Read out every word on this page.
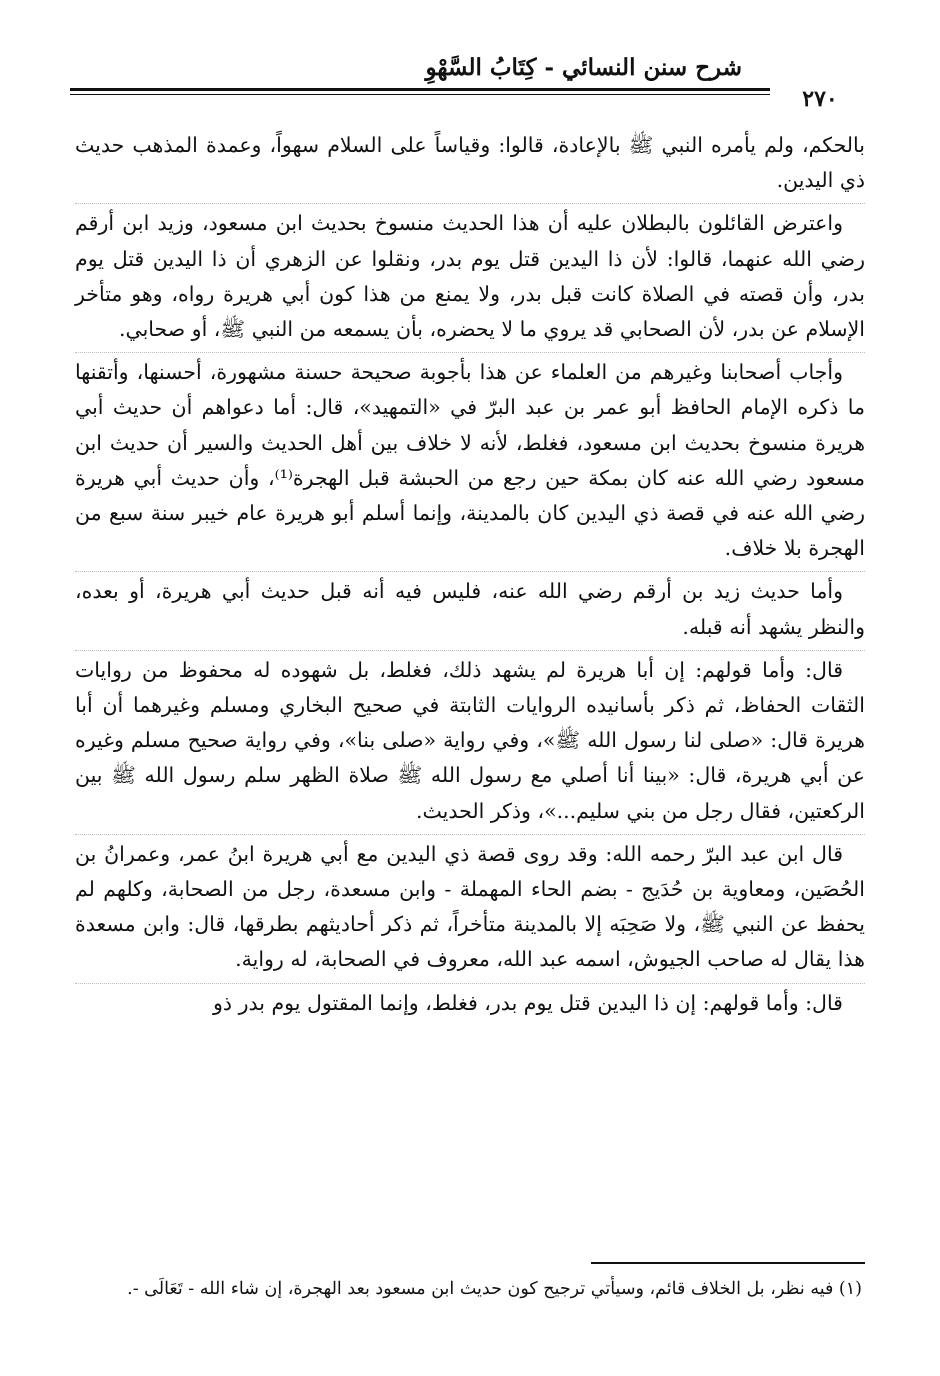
شرح سنن النسائي - كِتَابُ السَّهْوِ
٢٧٠

بالحكم، ولم يأمره النبي ﷺ بالإعادة، قالوا: وقياساً على السلام سهواً، وعمدة المذهب حديث ذي اليدين.

واعترض القائلون بالبطلان عليه أن هذا الحديث منسوخ بحديث ابن مسعود، وزيد ابن أرقم رضي الله عنهما، قالوا: لأن ذا اليدين قتل يوم بدر، ونقلوا عن الزهري أن ذا اليدين قتل يوم بدر، وأن قصته في الصلاة كانت قبل بدر، ولا يمنع من هذا كون أبي هريرة رواه، وهو متأخر الإسلام عن بدر، لأن الصحابي قد يروي ما لا يحضره، بأن يسمعه من النبي ﷺ، أو صحابي.

وأجاب أصحابنا وغيرهم من العلماء عن هذا بأجوبة صحيحة حسنة مشهورة، أحسنها، وأتقنها ما ذكره الإمام الحافظ أبو عمر بن عبد البرّ في «التمهيد»، قال: أما دعواهم أن حديث أبي هريرة منسوخ بحديث ابن مسعود، فغلط، لأنه لا خلاف بين أهل الحديث والسير أن حديث ابن مسعود رضي الله عنه كان بمكة حين رجع من الحبشة قبل الهجرة⁽¹⁾، وأن حديث أبي هريرة رضي الله عنه في قصة ذي اليدين كان بالمدينة، وإنما أسلم أبو هريرة عام خيبر سنة سبع من الهجرة بلا خلاف.

وأما حديث زيد بن أرقم رضي الله عنه، فليس فيه أنه قبل حديث أبي هريرة، أو بعده، والنظر يشهد أنه قبله.

قال: وأما قولهم: إن أبا هريرة لم يشهد ذلك، فغلط، بل شهوده له محفوظ من روايات الثقات الحفاظ، ثم ذكر بأسانيده الروايات الثابتة في صحيح البخاري ومسلم وغيرهما أن أبا هريرة قال: «صلى لنا رسول الله ﷺ»، وفي رواية «صلى بنا»، وفي رواية صحيح مسلم وغيره عن أبي هريرة، قال: «بينا أنا أصلي مع رسول الله ﷺ صلاة الظهر سلم رسول الله ﷺ بين الركعتين، فقال رجل من بني سليم...»، وذكر الحديث.

قال ابن عبد البرّ رحمه الله: وقد روى قصة ذي اليدين مع أبي هريرة ابنُ عمر، وعمرانُ بن الحُصَين، ومعاوية بن حُدَيج - بضم الحاء المهملة - وابن مسعدة، رجل من الصحابة، وكلهم لم يحفظ عن النبي ﷺ، ولا صَحِبَه إلا بالمدينة متأخراً، ثم ذكر أحاديثهم بطرقها، قال: وابن مسعدة هذا يقال له صاحب الجيوش، اسمه عبد الله، معروف في الصحابة، له رواية.

قال: وأما قولهم: إن ذا اليدين قتل يوم بدر، فغلط، وإنما المقتول يوم بدر ذو

(١) فيه نظر، بل الخلاف قائم، وسيأتي ترجيح كون حديث ابن مسعود بعد الهجرة، إن شاء الله - تَعَالَى -.
